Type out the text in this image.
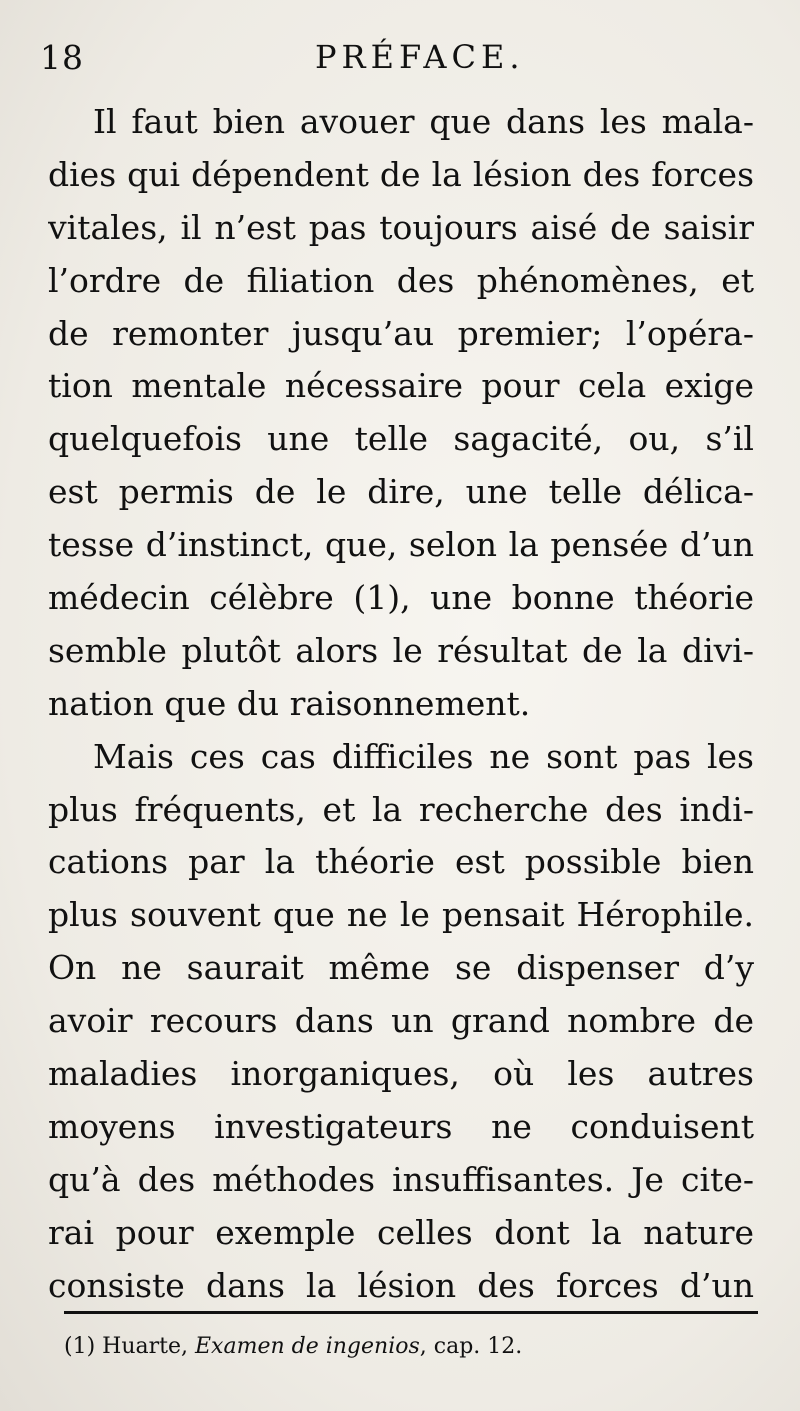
18	PRÉFACE.
Il faut bien avouer que dans les mala-
dies qui dépendent de la lésion des forces
vitales, il n’est pas toujours aisé de saisir
l’ordre de filiation des phénomènes, et
de remonter jusqu’au premier; l’opéra-
tion mentale nécessaire pour cela exige
quelquefois une telle sagacité, ou, s’il
est permis de le dire, une telle délica-
tesse d’instinct, que, selon la pensée d’un
médecin célèbre (1), une bonne théorie
semble plutôt alors le résultat de la divi-
nation que du raisonnement.
Mais ces cas difficiles ne sont pas les
plus fréquents, et la recherche des indi-
cations par la théorie est possible bien
plus souvent que ne le pensait Hérophile.
On ne saurait même se dispenser d’y
avoir recours dans un grand nombre de
maladies inorganiques, où les autres
moyens investigateurs ne conduisent
qu’à des méthodes insuffisantes. Je cite-
rai pour exemple celles dont la nature
consiste dans la lésion des forces d’un
(1) Huarte, Examen de ingenios, cap. 12.
